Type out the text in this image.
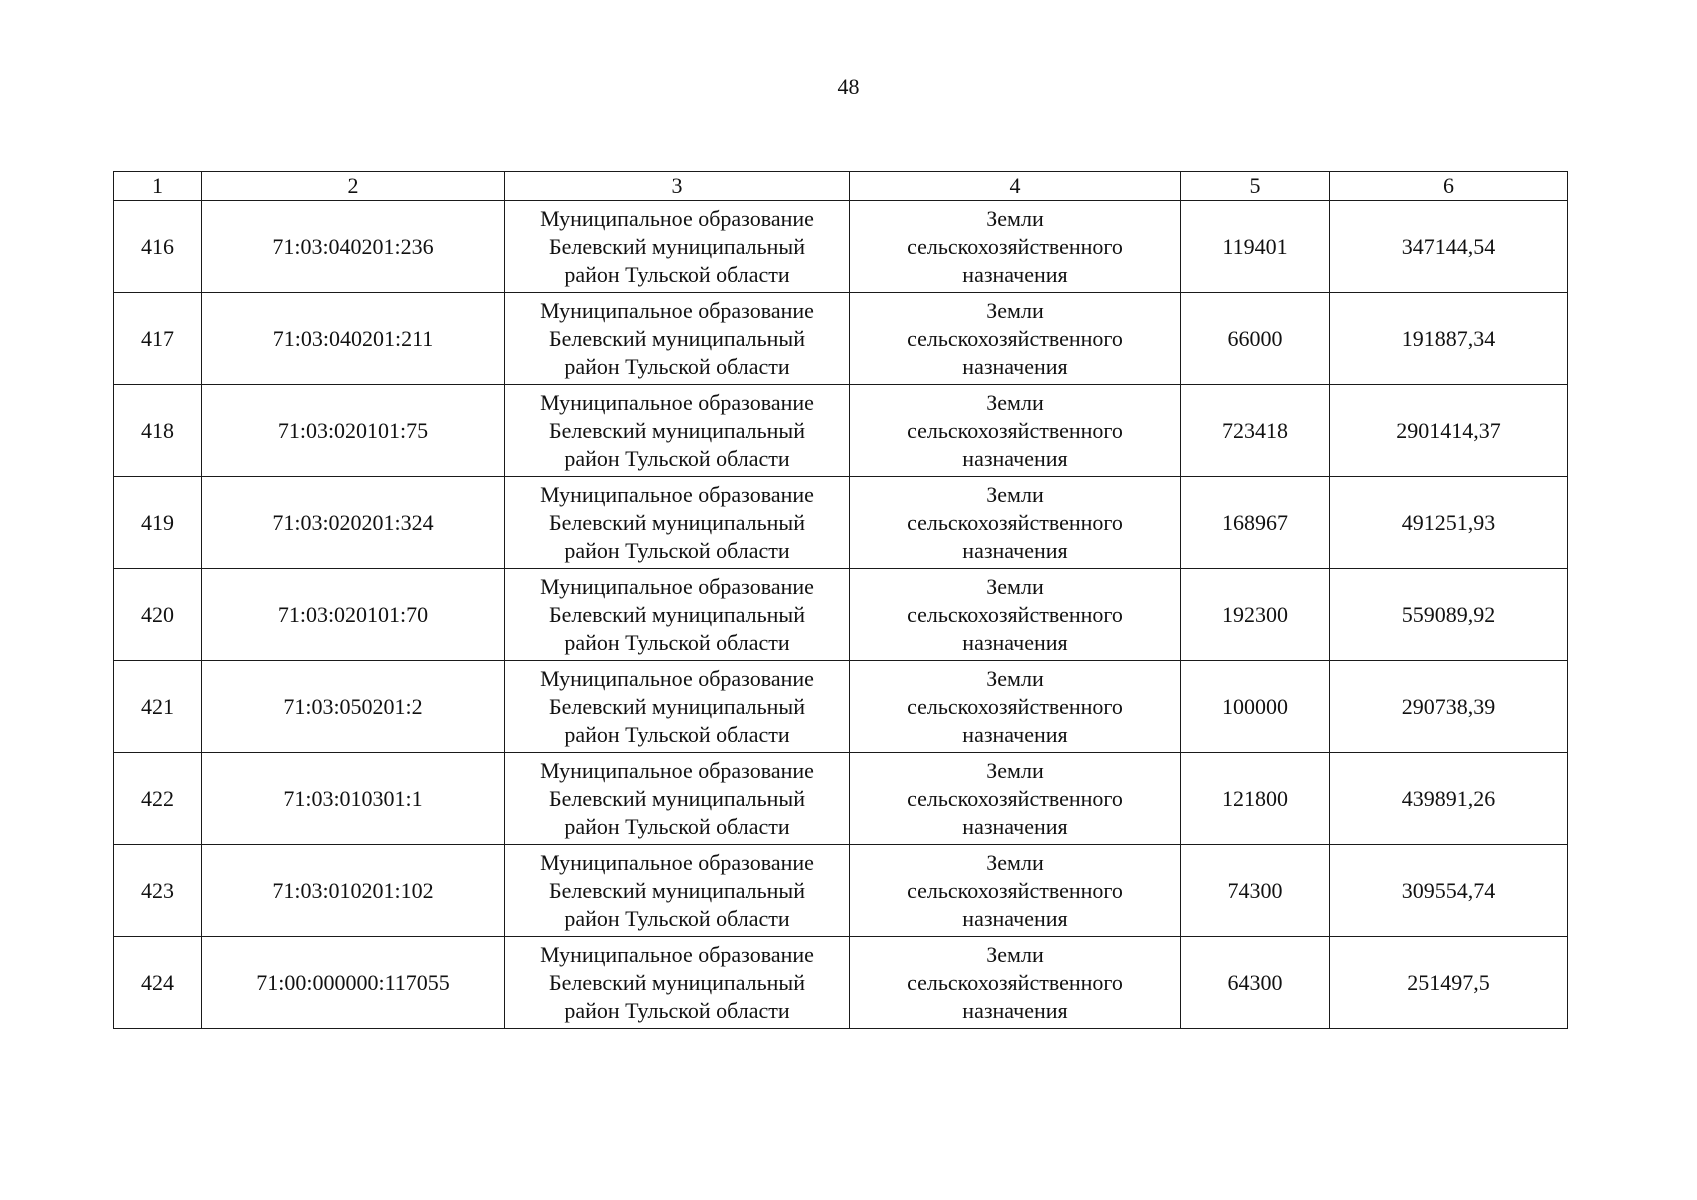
48
1	2	3	4	5	6
416	71:03:040201:236	Муниципальное образование
Белевский муниципальный
район Тульской области	Земли
сельскохозяйственного
назначения	119401	347144,54
417	71:03:040201:211	Муниципальное образование
Белевский муниципальный
район Тульской области	Земли
сельскохозяйственного
назначения	66000	191887,34
418	71:03:020101:75	Муниципальное образование
Белевский муниципальный
район Тульской области	Земли
сельскохозяйственного
назначения	723418	2901414,37
419	71:03:020201:324	Муниципальное образование
Белевский муниципальный
район Тульской области	Земли
сельскохозяйственного
назначения	168967	491251,93
420	71:03:020101:70	Муниципальное образование
Белевский муниципальный
район Тульской области	Земли
сельскохозяйственного
назначения	192300	559089,92
421	71:03:050201:2	Муниципальное образование
Белевский муниципальный
район Тульской области	Земли
сельскохозяйственного
назначения	100000	290738,39
422	71:03:010301:1	Муниципальное образование
Белевский муниципальный
район Тульской области	Земли
сельскохозяйственного
назначения	121800	439891,26
423	71:03:010201:102	Муниципальное образование
Белевский муниципальный
район Тульской области	Земли
сельскохозяйственного
назначения	74300	309554,74
424	71:00:000000:117055	Муниципальное образование
Белевский муниципальный
район Тульской области	Земли
сельскохозяйственного
назначения	64300	251497,5
